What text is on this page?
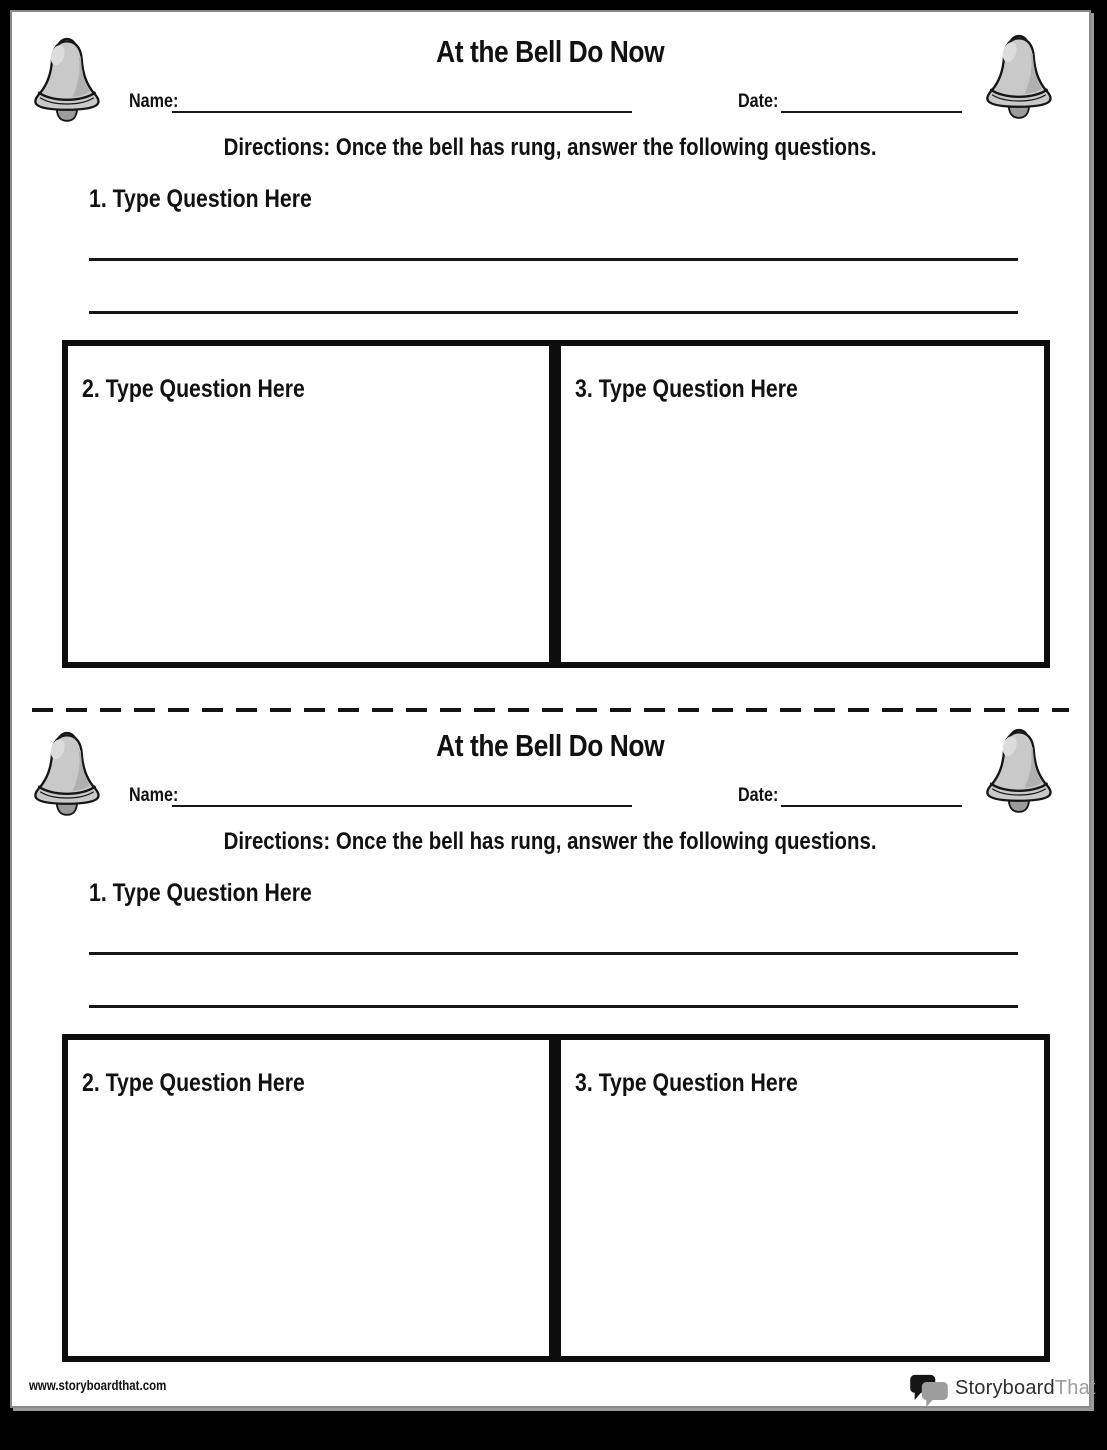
At the Bell Do Now
Name:	Date:
Directions: Once the bell has rung, answer the following questions.
1. Type Question Here
2. Type Question Here	3. Type Question Here
At the Bell Do Now
Name:	Date:
Directions: Once the bell has rung, answer the following questions.
1. Type Question Here
2. Type Question Here	3. Type Question Here
www.storyboardthat.com	StoryboardThat
